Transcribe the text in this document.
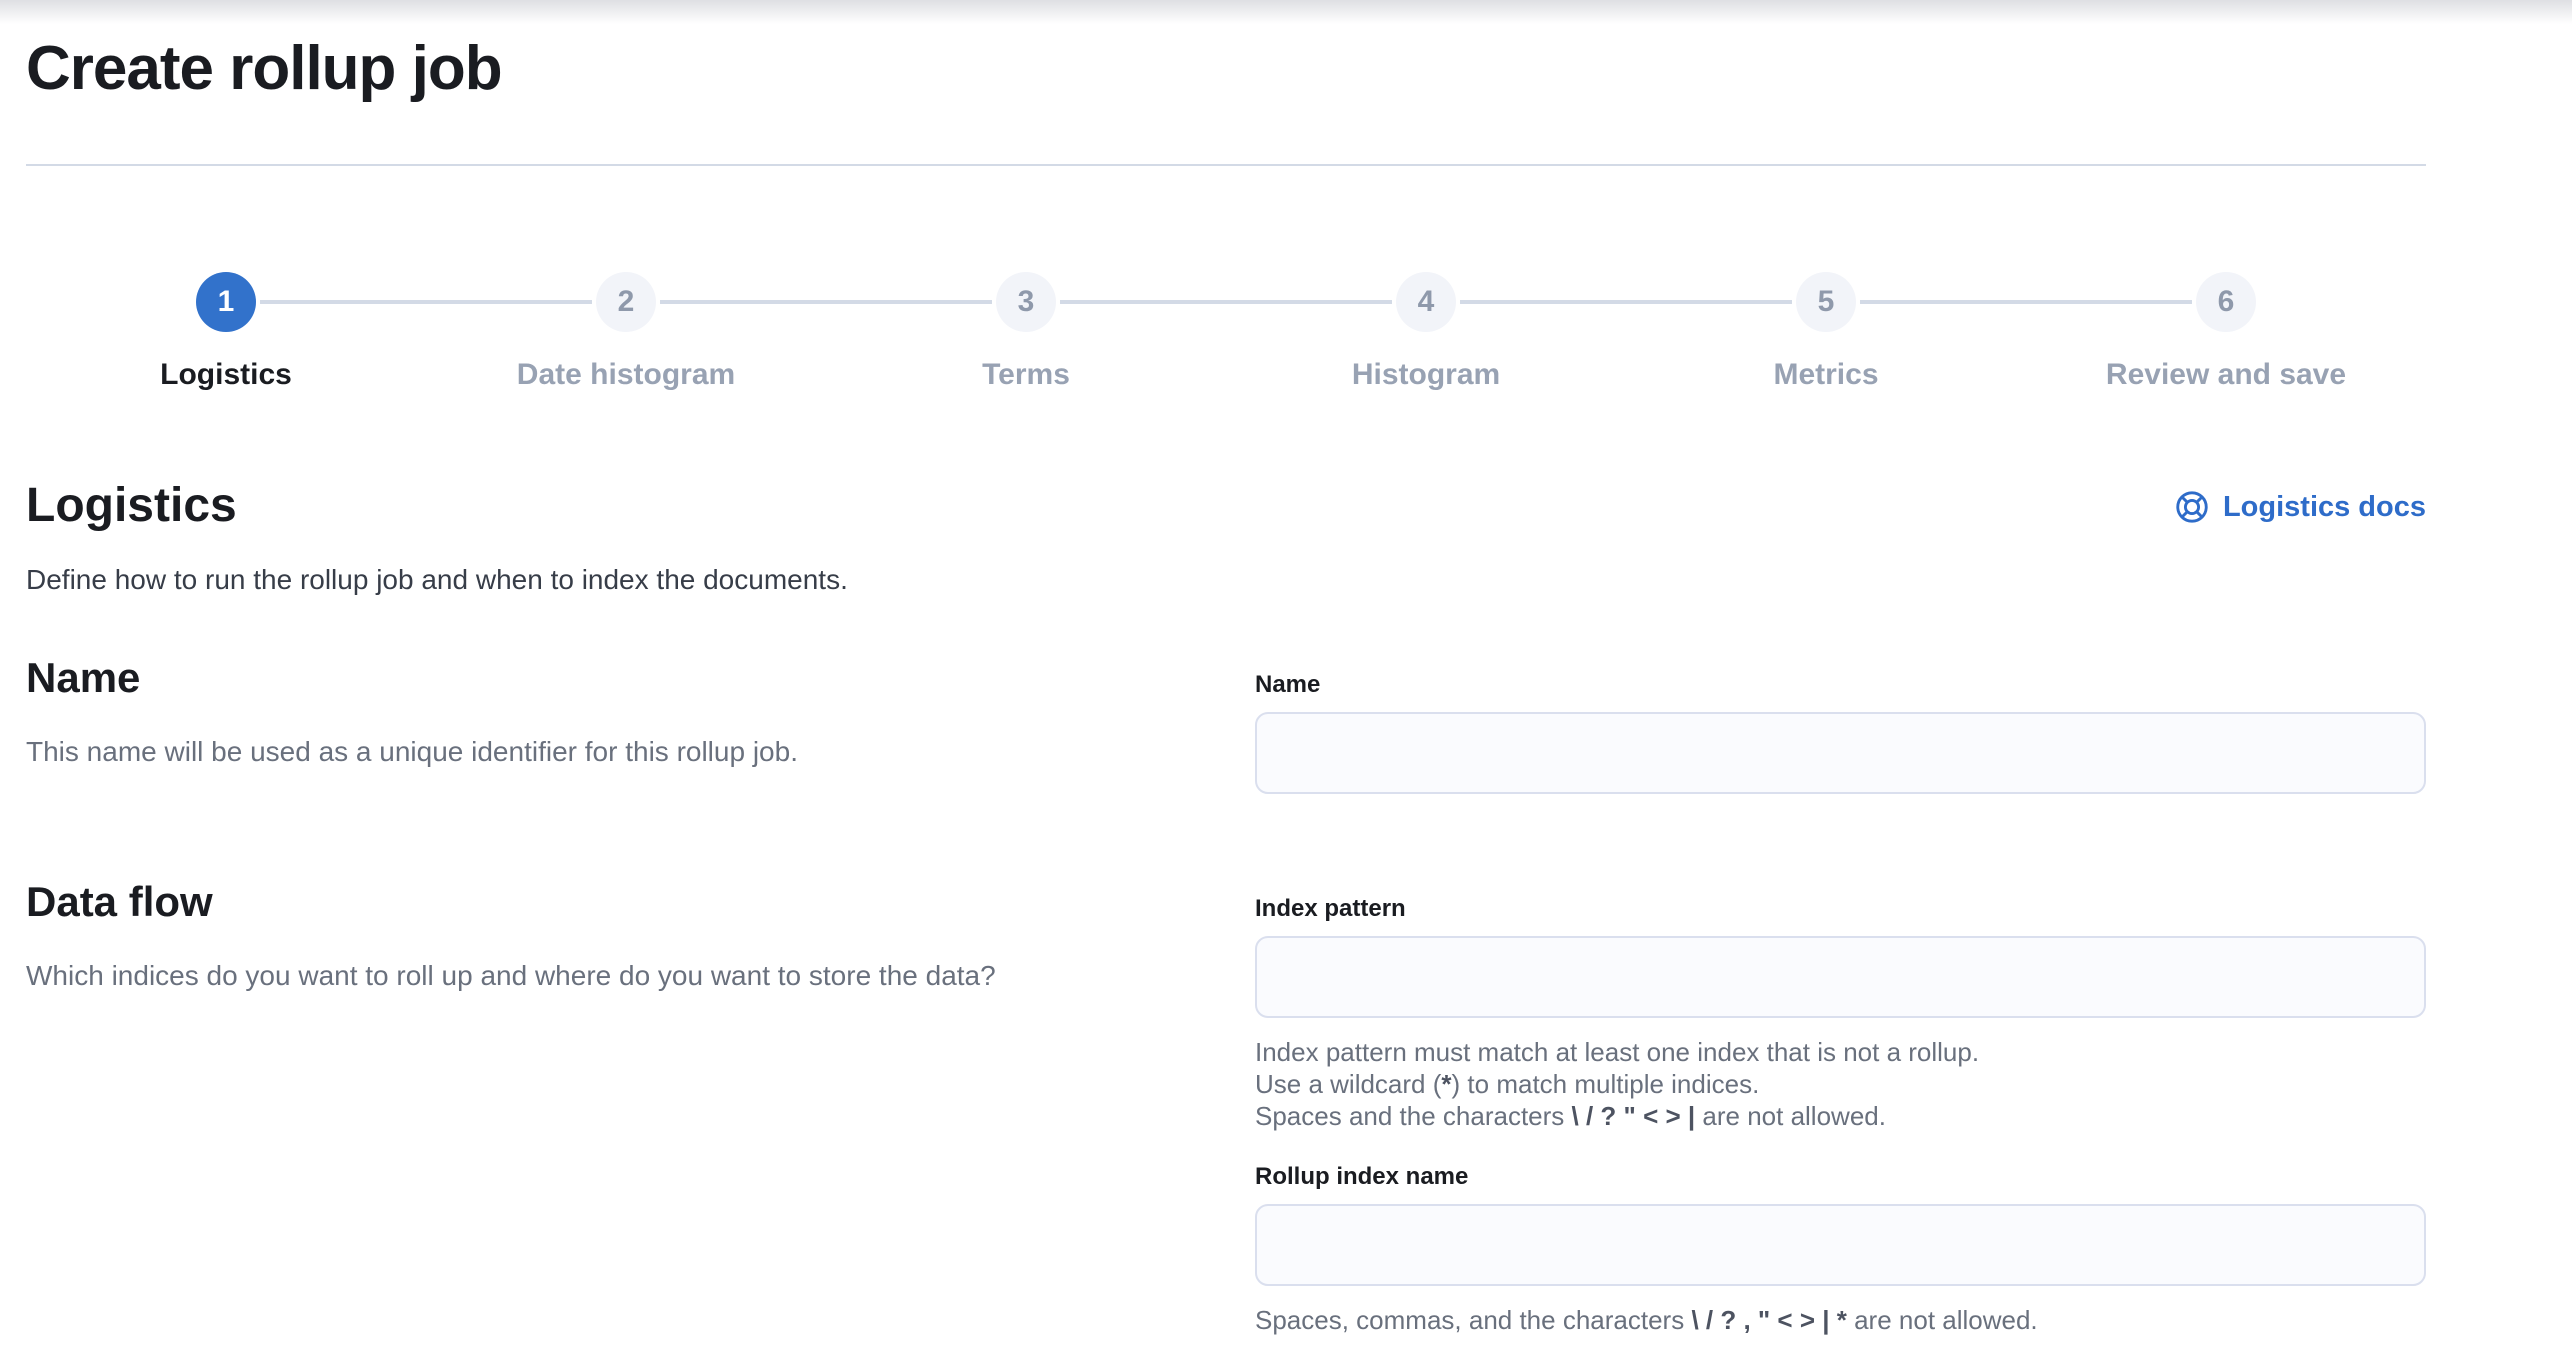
Create rollup job
1
Logistics
2
Date histogram
3
Terms
4
Histogram
5
Metrics
6
Review and save
Logistics

Define how to run the rollup job and when to index the documents.

Logistics docs
Name

This name will be used as a unique identifier for this rollup job.

Name
Data flow

Which indices do you want to roll up and where do you want to store the data?

Index pattern

Index pattern must match at least one index that is not a rollup.

Use a wildcard (*) to match multiple indices.

Spaces and the characters \ / ? " < > | are not allowed.

Rollup index name

Spaces, commas, and the characters \ / ? , " < > | * are not allowed.
